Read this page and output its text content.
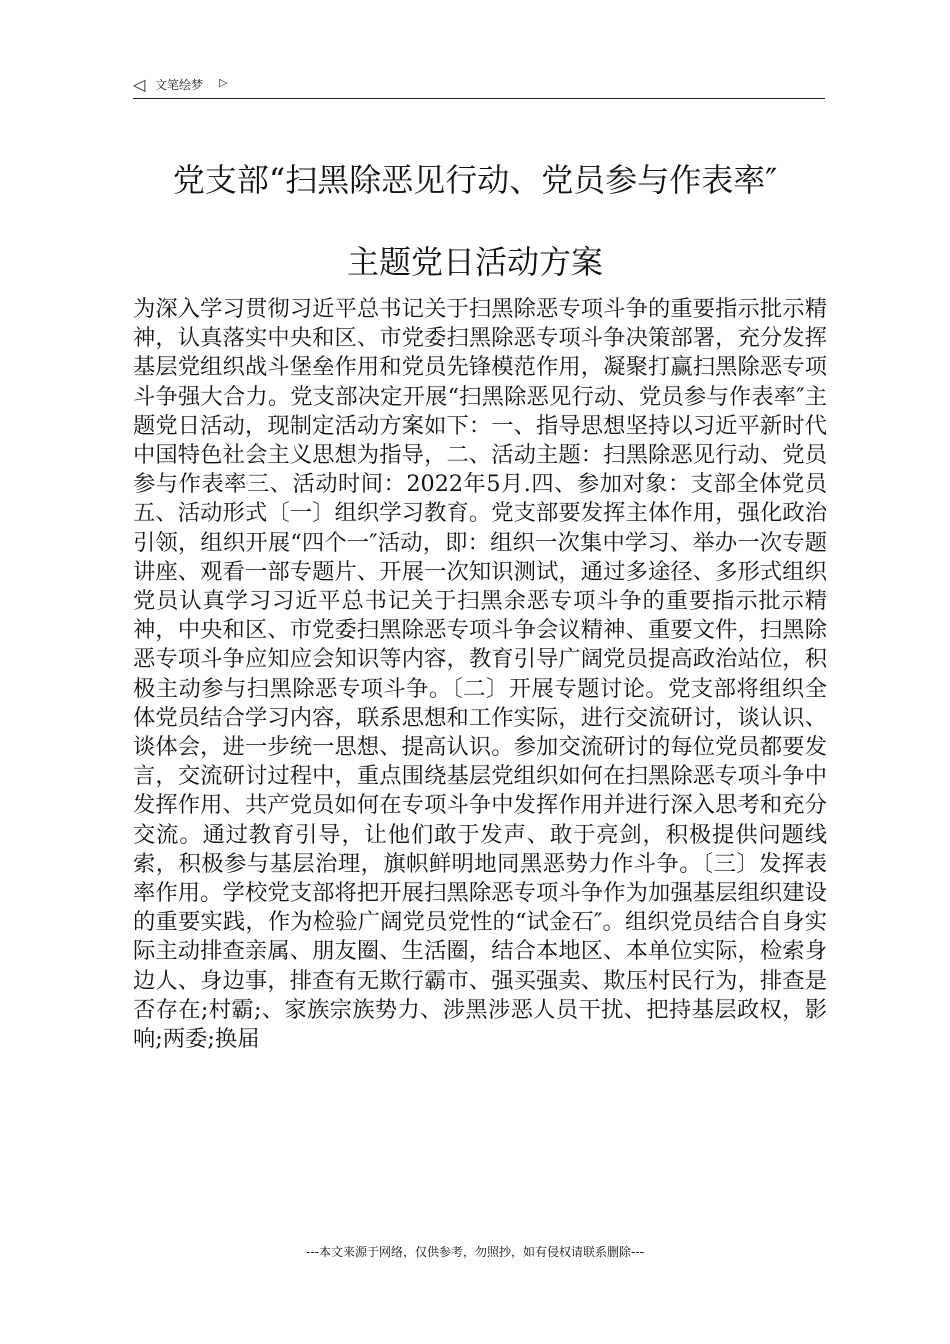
◁ 文笔绘梦 ▷
党支部“扫黑除恶见行动、党员参与作表率″
主题党日活动方案
为深入学习贯彻习近平总书记关于扫黑除恶专项斗争的重要指示批示精神，认真落实中央和区、市党委扫黑除恶专项斗争决策部署，充分发挥基层党组织战斗堡垒作用和党员先锋模范作用，凝聚打赢扫黑除恶专项斗争强大合力。党支部决定开展“扫黑除恶见行动、党员参与作表率″主题党日活动，现制定活动方案如下：一、指导思想坚持以习近平新时代中国特色社会主义思想为指导，二、活动主题：扫黑除恶见行动、党员参与作表率三、活动时间：2022年5月.四、参加对象：支部全体党员五、活动形式〔一〕组织学习教育。党支部要发挥主体作用，强化政治引领，组织开展“四个一″活动，即：组织一次集中学习、举办一次专题讲座、观看一部专题片、开展一次知识测试，通过多途径、多形式组织党员认真学习习近平总书记关于扫黑余恶专项斗争的重要指示批示精神，中央和区、市党委扫黑除恶专项斗争会议精神、重要文件，扫黑除恶专项斗争应知应会知识等内容，教育引导广阔党员提高政治站位，积极主动参与扫黑除恶专项斗争。〔二〕开展专题讨论。党支部将组织全体党员结合学习内容，联系思想和工作实际，进行交流研讨，谈认识、谈体会，进一步统一思想、提高认识。参加交流研讨的每位党员都要发言，交流研讨过程中，重点围绕基层党组织如何在扫黑除恶专项斗争中发挥作用、共产党员如何在专项斗争中发挥作用并进行深入思考和充分交流。通过教育引导，让他们敢于发声、敢于亮剑，积极提供问题线索，积极参与基层治理，旗帜鲜明地同黑恶势力作斗争。〔三〕发挥表率作用。学校党支部将把开展扫黑除恶专项斗争作为加强基层组织建设的重要实践，作为检验广阔党员党性的“试金石″。组织党员结合自身实际主动排查亲属、朋友圈、生活圈，结合本地区、本单位实际，检索身边人、身边事，排查有无欺行霸市、强买强卖、欺压村民行为，排查是否存在;村霸;、家族宗族势力、涉黑涉恶人员干扰、把持基层政权，影响;两委;换届
---本文来源于网络，仅供参考，勿照抄，如有侵权请联系删除---
